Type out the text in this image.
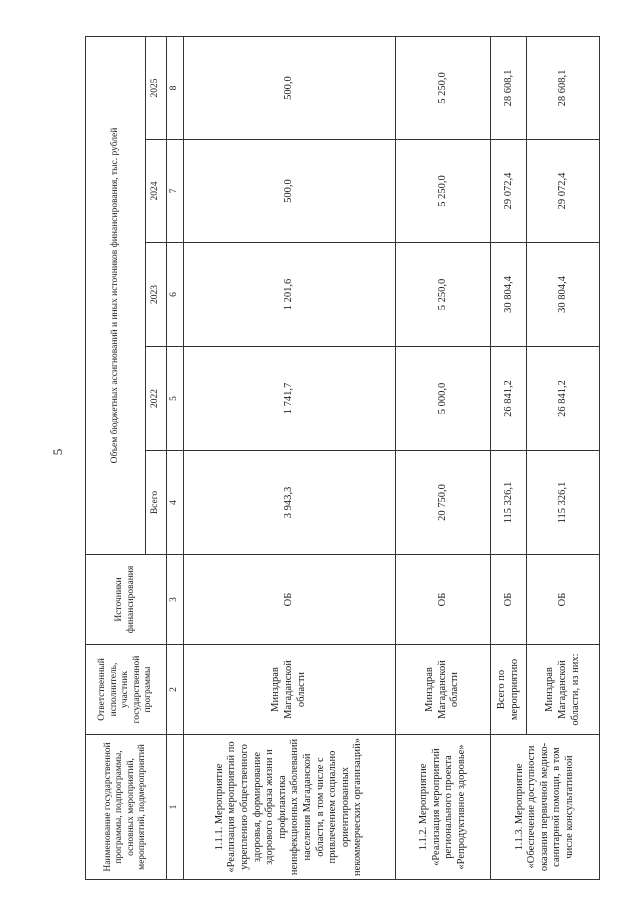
5
Наименование государственной программы, подпрограммы, основных мероприятий, мероприятий, подмероприятий	Ответственный исполнитель, участник государственной программы	Источники финансирования	Объем бюджетных ассигнований и иных источников финансирования, тыс. рублей				
			Всего	2022	2023	2024	2025
1	2	3	4	5	6	7	8
1.1.1. Мероприятие «Реализация мероприятий по укреплению общественного здоровья, формирование здорового образа жизни и профилактика неинфекционных заболеваний населения Магаданской области, в том числе с привлечением социально ориентированных некоммерческих организаций»	Минздрав Магаданской области	ОБ	3 943,3	1 741,7	1 201,6	500,0	500,0
1.1.2. Мероприятие «Реализация мероприятий регионального проекта «Репродуктивное здоровье»	Минздрав Магаданской области	ОБ	20 750,0	5 000,0	5 250,0	5 250,0	5 250,0
1.1.3. Мероприятие «Обеспечение доступности оказания первичной медико-санитарной помощи, в том числе консультативной	Всего по мероприятию	ОБ	115 326,1	26 841,2	30 804,4	29 072,4	28 608,1
	Минздрав Магаданской области, из них:	ОБ	115 326,1	26 841,2	30 804,4	29 072,4	28 608,1
